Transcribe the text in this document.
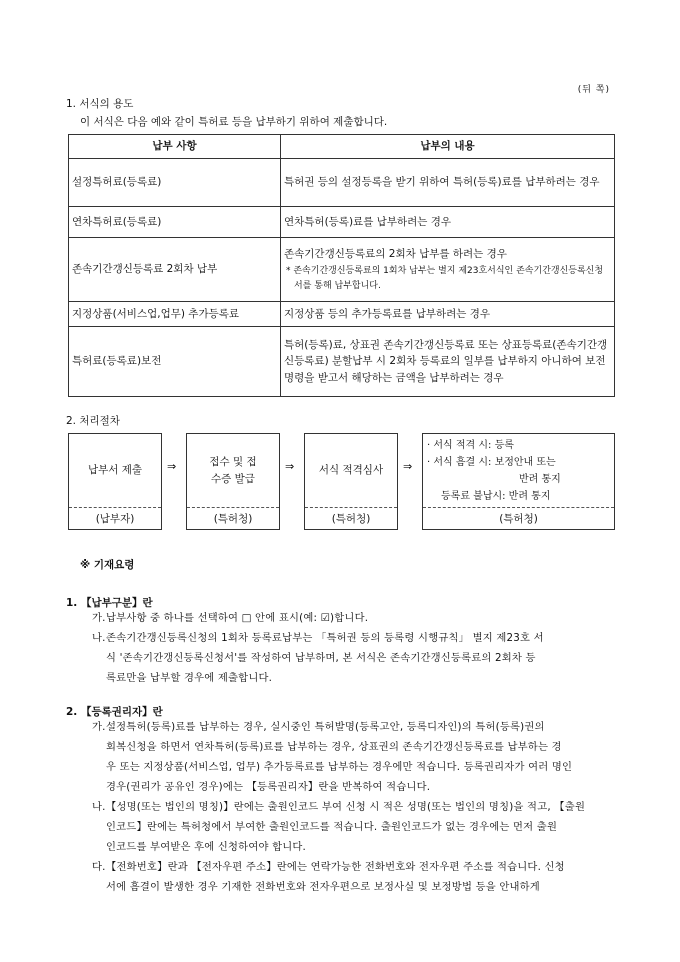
(뒤 쪽)
1. 서식의 용도
이 서식은 다음 예와 같이 특허료 등을 납부하기 위하여 제출합니다.
납부 사항	납부의 내용
설정특허료(등록료)	특허권 등의 설정등록을 받기 위하여 특허(등록)료를 납부하려는 경우
연차특허료(등록료)	연차특허(등록)료를 납부하려는 경우
존속기간갱신등록료 2회차 납부	존속기간갱신등록료의 2회차 납부를 하려는 경우
* 존속기간갱신등록료의 1회차 납부는 별지 제23호서식인 존속기간갱신등록신청서를 통해 납부합니다.

지정상품(서비스업,업무) 추가등록료	지정상품 등의 추가등록료를 납부하려는 경우
특허료(등록료)보전	특허(등록)료, 상표권 존속기간갱신등록료 또는 상표등록료(존속기간갱신등록료) 분할납부 시 2회차 등록료의 일부를 납부하지 아니하여 보전명령을 받고서 해당하는 금액을 납부하려는 경우
2. 처리절차
납부서 제출
(납부자)
⇒	접수 및 접수증 발급
(특허청)
⇒	서식 적격심사
(특허청)
⇒
· 서식 적격 시: 등록
· 서식 흠결 시: 보정안내 또는
반려 통지
등록료 불납시: 반려 통지
(특허청)
※ 기재요령
1. 【납부구분】란
가. 납부사항 중 하나를 선택하여 □ 안에 표시(예: ☑)합니다.
나. 존속기간갱신등록신청의 1회차 등록료납부는 「특허권 등의 등록령 시행규칙」 별지 제23호 서
식 '존속기간갱신등록신청서'를 작성하여 납부하며, 본 서식은 존속기간갱신등록료의 2회차 등
록료만을 납부할 경우에 제출합니다.
2. 【등록권리자】란
가. 설정특허(등록)료를 납부하는 경우, 실시중인 특허발명(등록고안, 등록디자인)의 특허(등록)권의
회복신청을 하면서 연차특허(등록)료를 납부하는 경우, 상표권의 존속기간갱신등록료를 납부하는 경
우 또는 지정상품(서비스업, 업무) 추가등록료를 납부하는 경우에만 적습니다. 등록권리자가 여러 명인
경우(권리가 공유인 경우)에는 【등록권리자】란을 반복하여 적습니다.
나. 【성명(또는 법인의 명칭)】란에는 출원인코드 부여 신청 시 적은 성명(또는 법인의 명칭)을 적고, 【출원
인코드】란에는 특허청에서 부여한 출원인코드를 적습니다. 출원인코드가 없는 경우에는 먼저 출원
인코드를 부여받은 후에 신청하여야 합니다.
다. 【전화번호】란과 【전자우편 주소】란에는 연락가능한 전화번호와 전자우편 주소를 적습니다. 신청
서에 흠결이 발생한 경우 기재한 전화번호와 전자우편으로 보정사실 및 보정방법 등을 안내하게
